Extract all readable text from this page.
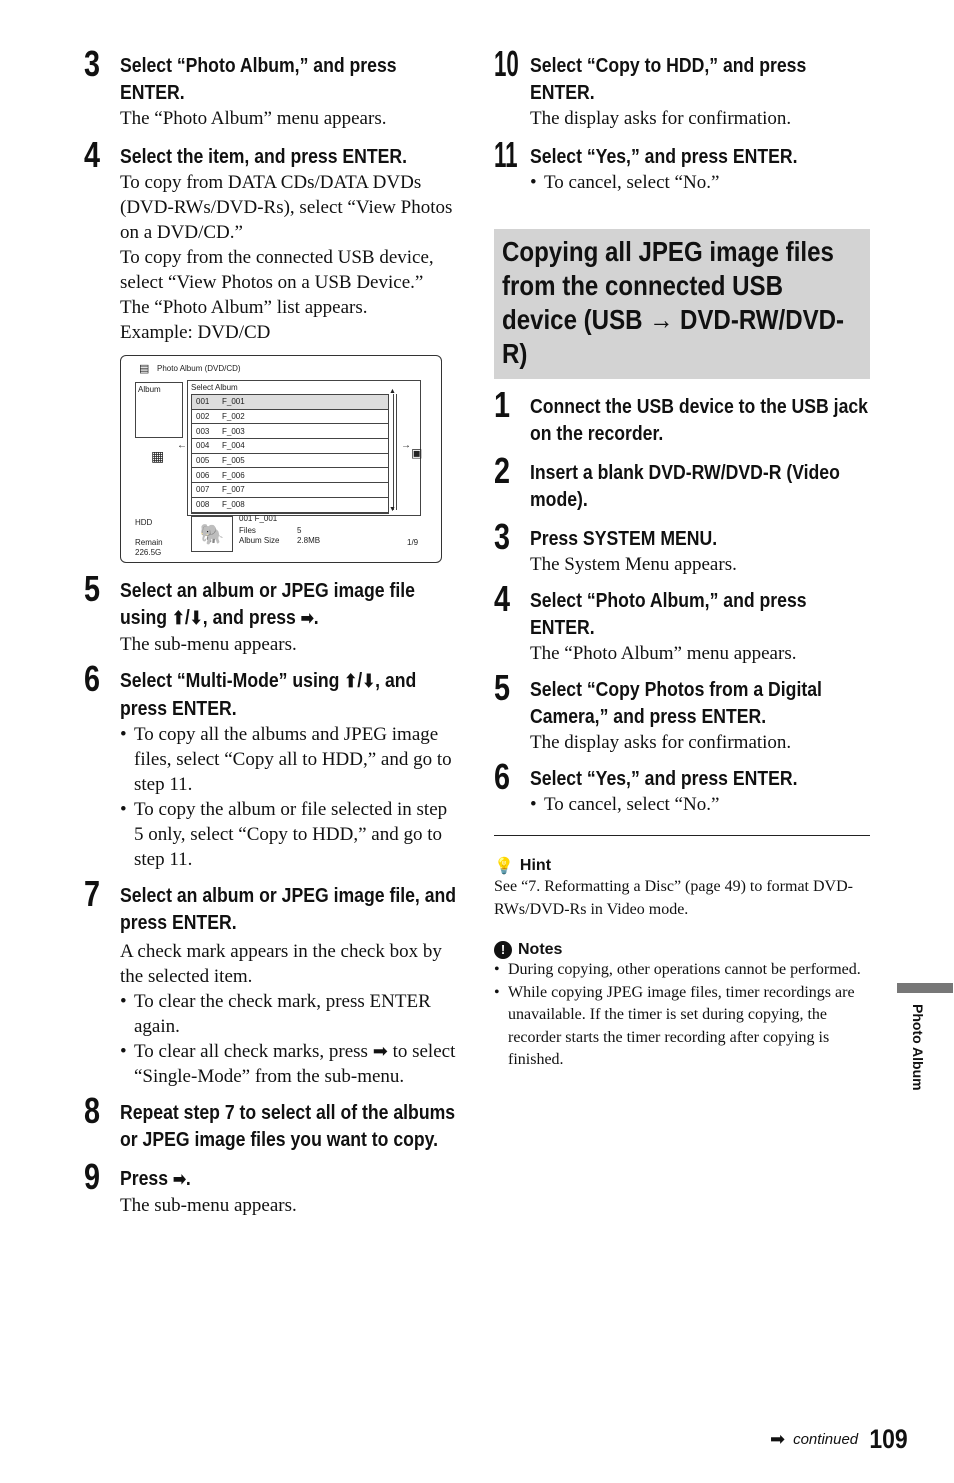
3 Select “Photo Album,” and press ENTER.

The “Photo Album” menu appears.

4 Select the item, and press ENTER.

To copy from DATA CDs/DATA DVDs (DVD-RWs/DVD-Rs), select “View Photos on a DVD/CD.”

To copy from the connected USB device, select “View Photos on a USB Device.”

The “Photo Album” list appears.

Example: DVD/CD

▤ Photo Album (DVD/CD)
Album	Select Album
001	F_001
002	F_002
003	F_003
004	F_004
005	F_005
006	F_006
007	F_007
008	F_008
▲
▼
▦
←	→
▣
HDD
Remain
226.5G
🐘
001 F_001
Files	5
Album Size 2.8MB	1/9
5 Select an album or JPEG image file using ⬆/⬇, and press ➡.

The sub-menu appears.

6 Select “Multi-Mode” using ⬆/⬇, and press ENTER.

• To copy all the albums and JPEG image files, select “Copy all to HDD,” and go to step 11.

• To copy the album or file selected in step 5 only, select “Copy to HDD,” and go to step 11.

7 Select an album or JPEG image file, and press ENTER.

A check mark appears in the check box by the selected item.

• To clear the check mark, press ENTER again.

• To clear all check marks, press ➡ to select “Single-Mode” from the sub-menu.

8 Repeat step 7 to select all of the albums or JPEG image files you want to copy.

9 Press ➡.

The sub-menu appears.

10 Select “Copy to HDD,” and press ENTER.

The display asks for confirmation.

11 Select “Yes,” and press ENTER.

• To cancel, select “No.”

Copying all JPEG image files from the connected USB device (USB → DVD-RW/DVD-R)
1 Connect the USB device to the USB jack on the recorder.

2 Insert a blank DVD-RW/DVD-R (Video mode).

3 Press SYSTEM MENU.

The System Menu appears.

4 Select “Photo Album,” and press ENTER.

The “Photo Album” menu appears.

5 Select “Copy Photos from a Digital Camera,” and press ENTER.

The display asks for confirmation.

6 Select “Yes,” and press ENTER.

• To cancel, select “No.”

💡 Hint

See “7. Reformatting a Disc” (page 49) to format DVD-RWs/DVD-Rs in Video mode.

! Notes

• During copying, other operations cannot be performed.

• While copying JPEG image files, timer recordings are unavailable. If the timer is set during copying, the recorder starts the timer recording after copying is finished.	Photo Album
➡ continued 109
